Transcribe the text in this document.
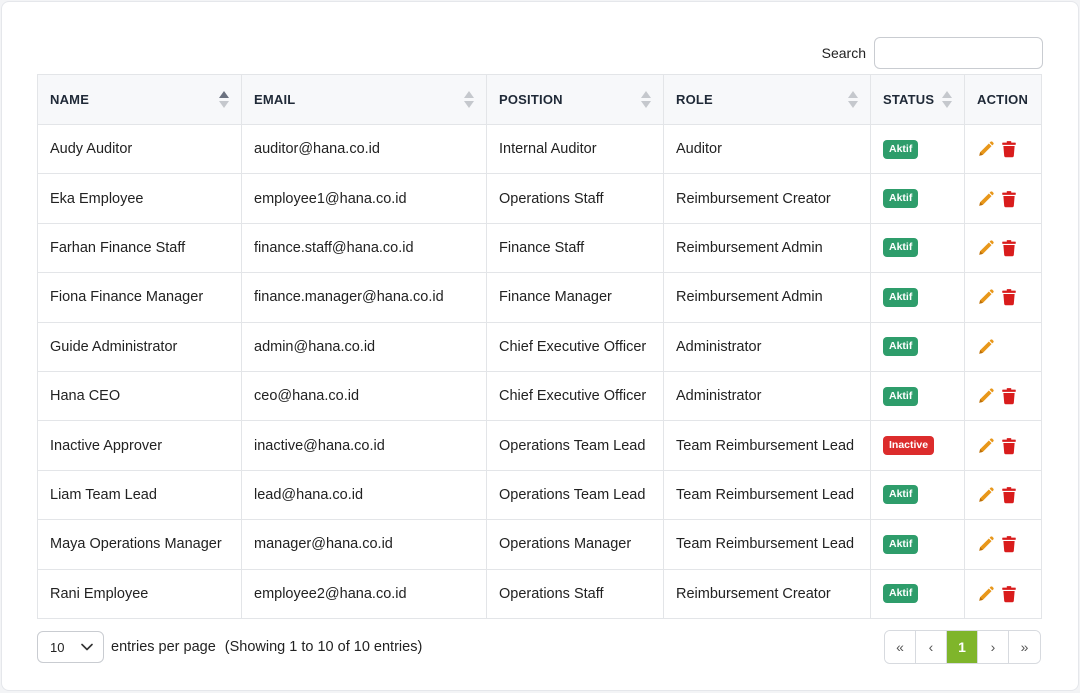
Search
NAME	EMAIL	POSITION	ROLE	STATUS	ACTION
Audy Auditor	auditor@hana.co.id	Internal Auditor	Auditor	Aktif	

Eka Employee	employee1@hana.co.id	Operations Staff	Reimbursement Creator	Aktif	

Farhan Finance Staff	finance.staff@hana.co.id	Finance Staff	Reimbursement Admin	Aktif	

Fiona Finance Manager	finance.manager@hana.co.id	Finance Manager	Reimbursement Admin	Aktif	

Guide Administrator	admin@hana.co.id	Chief Executive Officer	Administrator	Aktif	

Hana CEO	ceo@hana.co.id	Chief Executive Officer	Administrator	Aktif	

Inactive Approver	inactive@hana.co.id	Operations Team Lead	Team Reimbursement Lead	Inactive	

Liam Team Lead	lead@hana.co.id	Operations Team Lead	Team Reimbursement Lead	Aktif	

Maya Operations Manager	manager@hana.co.id	Operations Manager	Team Reimbursement Lead	Aktif	

Rani Employee	employee2@hana.co.id	Operations Staff	Reimbursement Creator	Aktif	
10	entries per page (Showing 1 to 10 of 10 entries)	«	‹	1	›	»
